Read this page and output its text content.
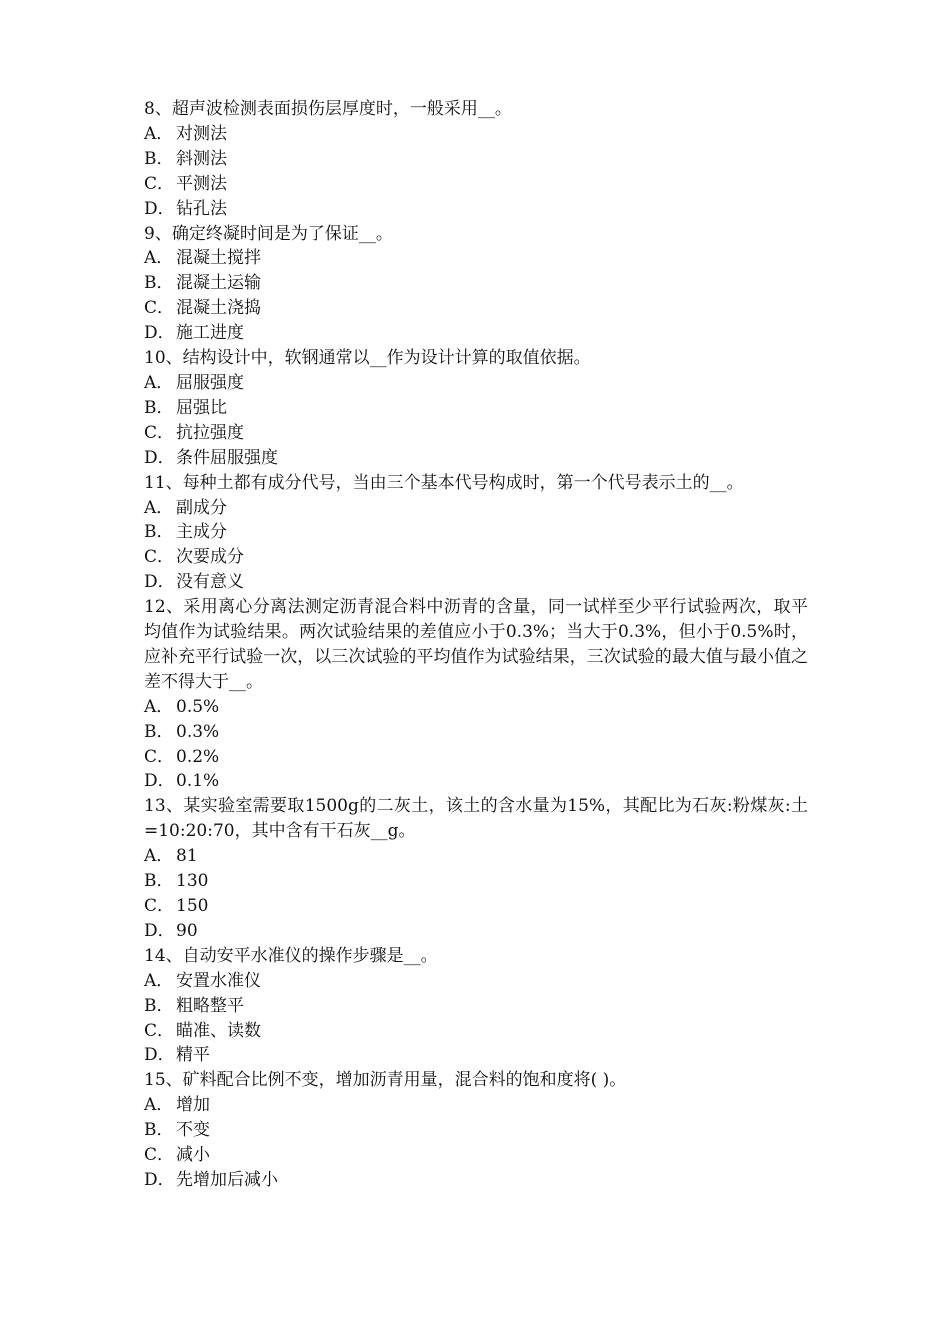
8、超声波检测表面损伤层厚度时，一般采用__。

A． 对测法

B． 斜测法

C． 平测法

D．钻孔法

9、确定终凝时间是为了保证__。

A． 混凝土搅拌

B． 混凝土运输

C． 混凝土浇捣

D．施工进度

10、结构设计中，软钢通常以__作为设计计算的取值依据。

A． 屈服强度

B． 屈强比

C． 抗拉强度

D．条件屈服强度

11、每种土都有成分代号，当由三个基本代号构成时，第一个代号表示土的__。

A． 副成分

B． 主成分

C． 次要成分

D．没有意义

12、采用离心分离法测定沥青混合料中沥青的含量，同一试样至少平行试验两次，取平均值作为试验结果。两次试验结果的差值应小于0.3%；当大于0.3%，但小于0.5%时，应补充平行试验一次，以三次试验的平均值作为试验结果，三次试验的最大值与最小值之差不得大于__。

A． 0.5%

B． 0.3%

C． 0.2%

D．0.1%

13、某实验室需要取1500g的二灰土，该土的含水量为15%，其配比为石灰:粉煤灰:土=10:20:70，其中含有干石灰__g。

A． 81

B． 130

C． 150

D．90

14、自动安平水准仪的操作步骤是__。

A． 安置水准仪

B． 粗略整平

C． 瞄准、读数

D．精平

15、矿料配合比例不变，增加沥青用量，混合料的饱和度将( )。

A． 增加

B． 不变

C． 减小

D．先增加后减小
